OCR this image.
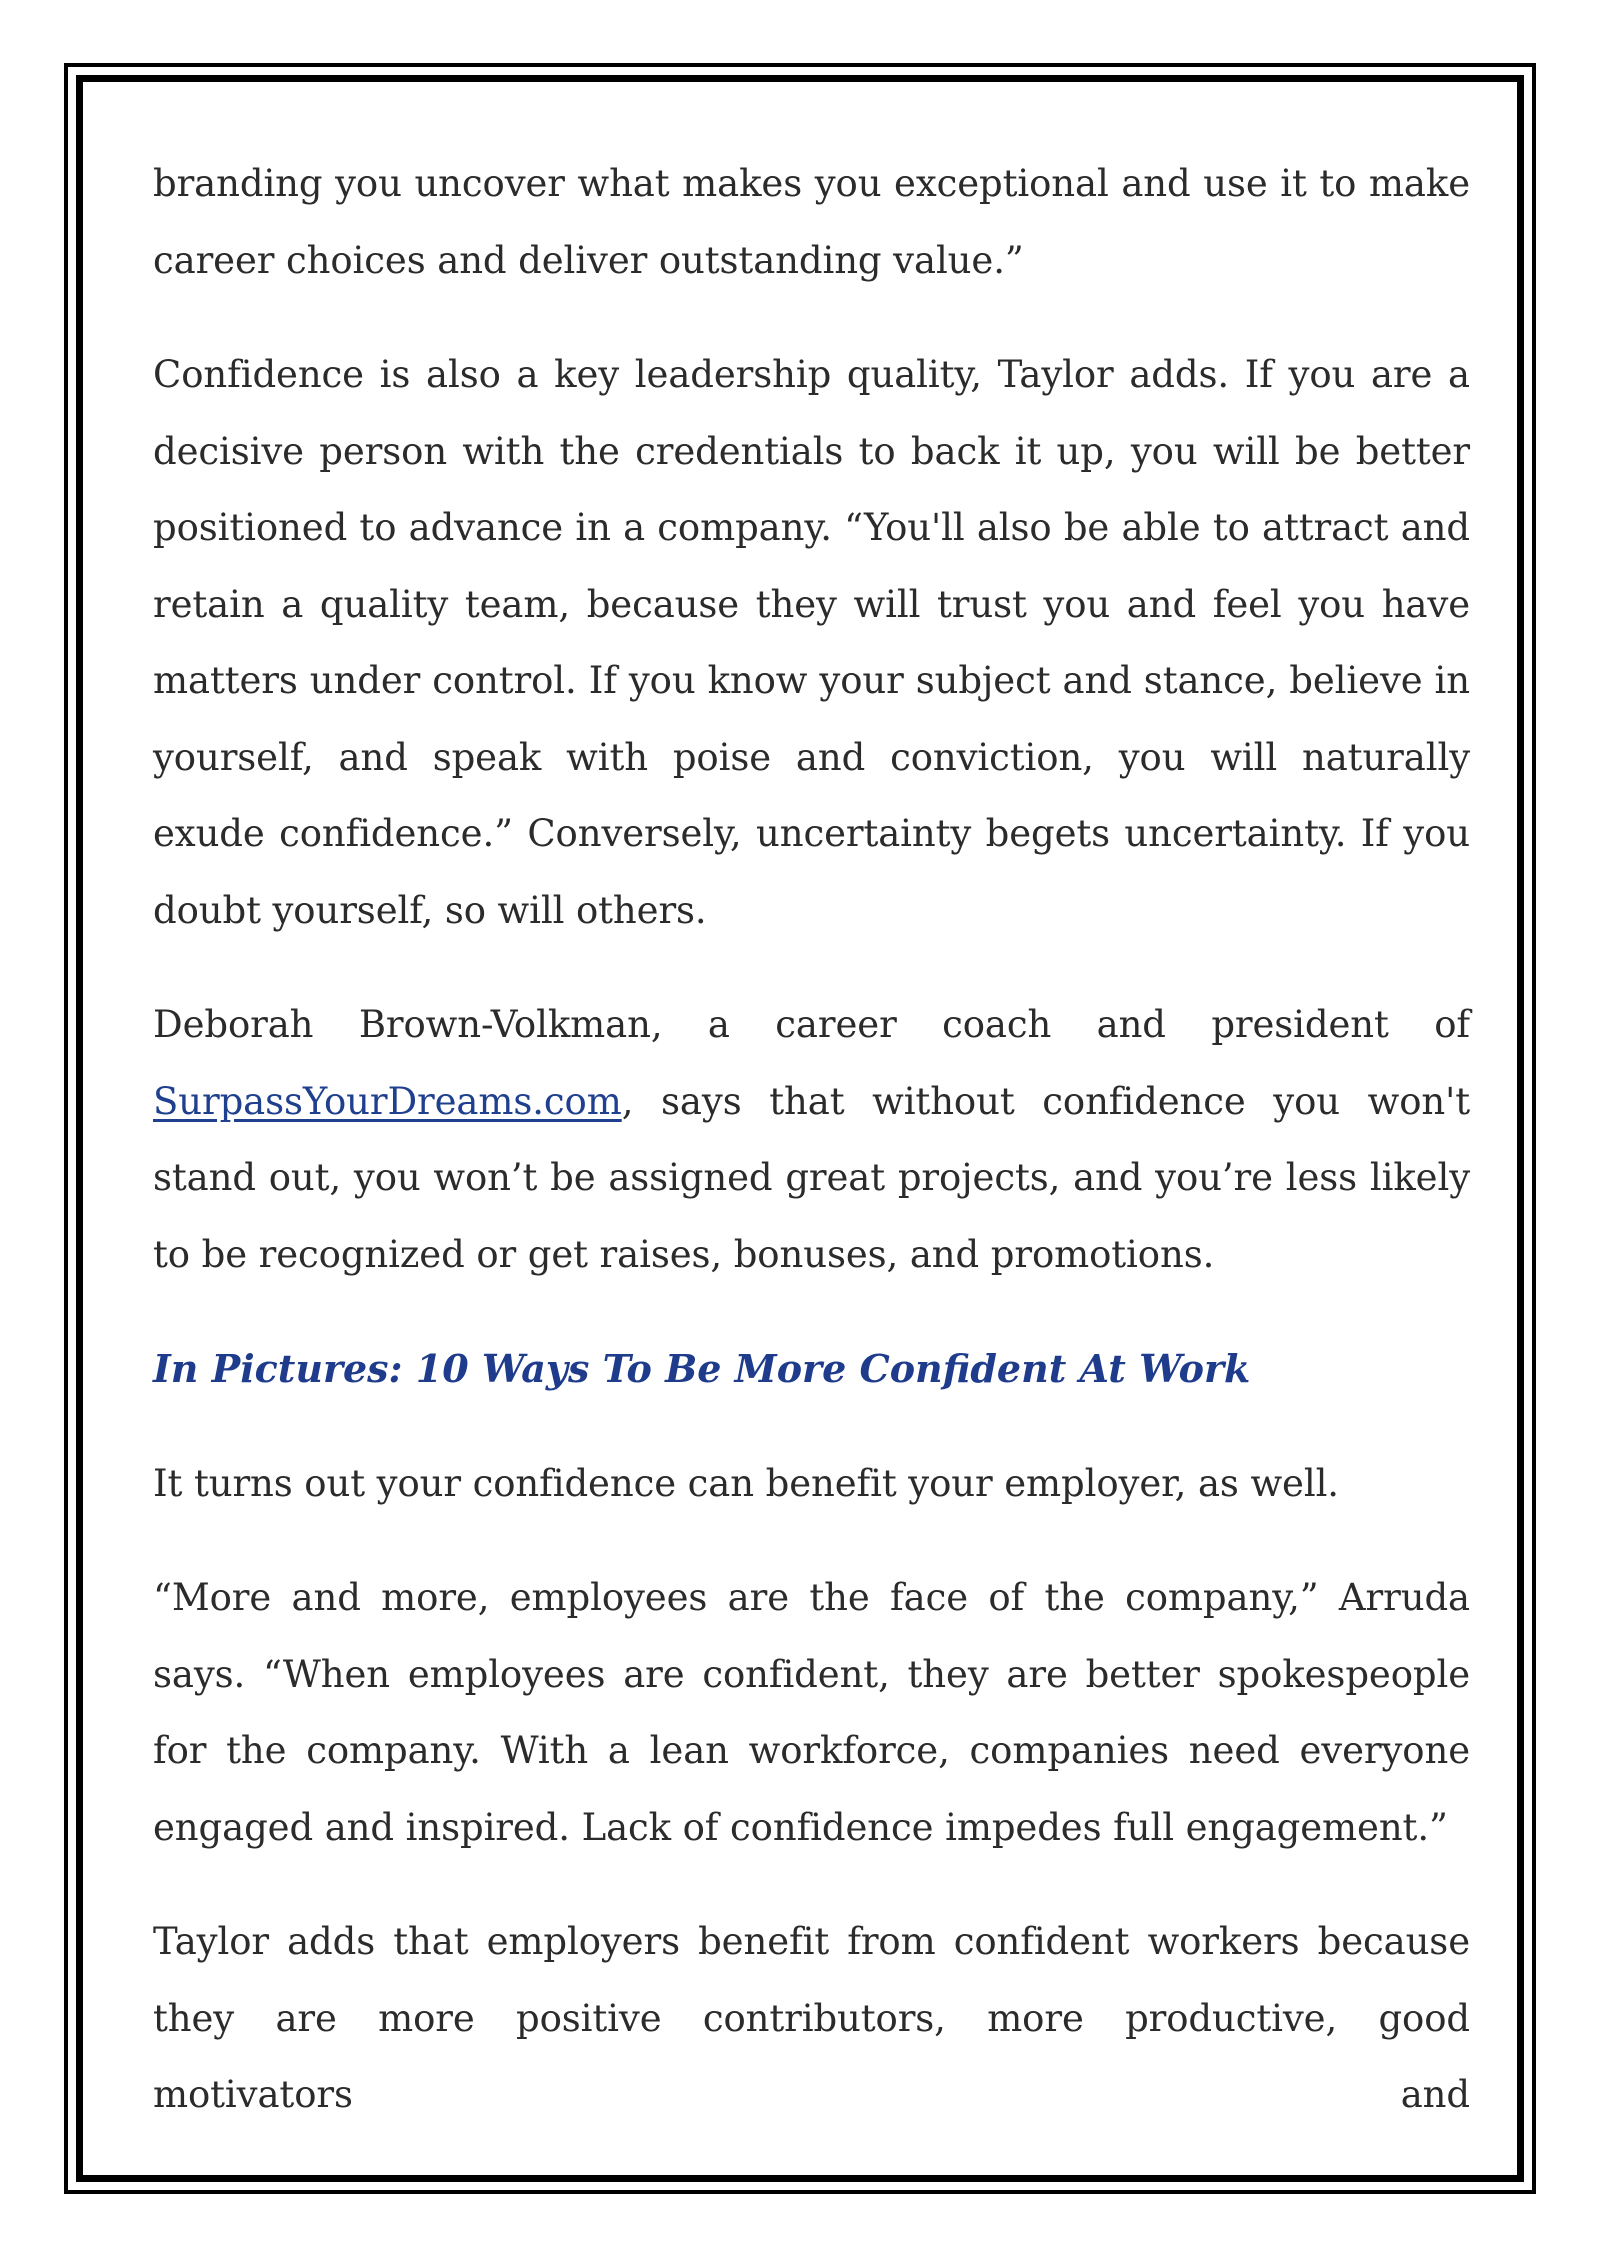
branding you uncover what makes you exceptional and use it to make career choices and deliver outstanding value.”

Confidence is also a key leadership quality, Taylor adds. If you are a decisive person with the credentials to back it up, you will be better positioned to advance in a company. “You'll also be able to attract and retain a quality team, because they will trust you and feel you have matters under control. If you know your subject and stance, believe in yourself, and speak with poise and conviction, you will naturally exude confidence.” Conversely, uncertainty begets uncertainty. If you doubt yourself, so will others.

Deborah Brown-Volkman, a career coach and president of SurpassYourDreams.com, says that without confidence you won't stand out, you won’t be assigned great projects, and you’re less likely to be recognized or get raises, bonuses, and promotions.

In Pictures: 10 Ways To Be More Confident At Work

It turns out your confidence can benefit your employer, as well.

“More and more, employees are the face of the company,” Arruda says. “When employees are confident, they are better spokespeople for the company. With a lean workforce, companies need everyone engaged and inspired. Lack of confidence impedes full engagement.”

Taylor adds that employers benefit from confident workers because they are more positive contributors, more productive, good motivators and
